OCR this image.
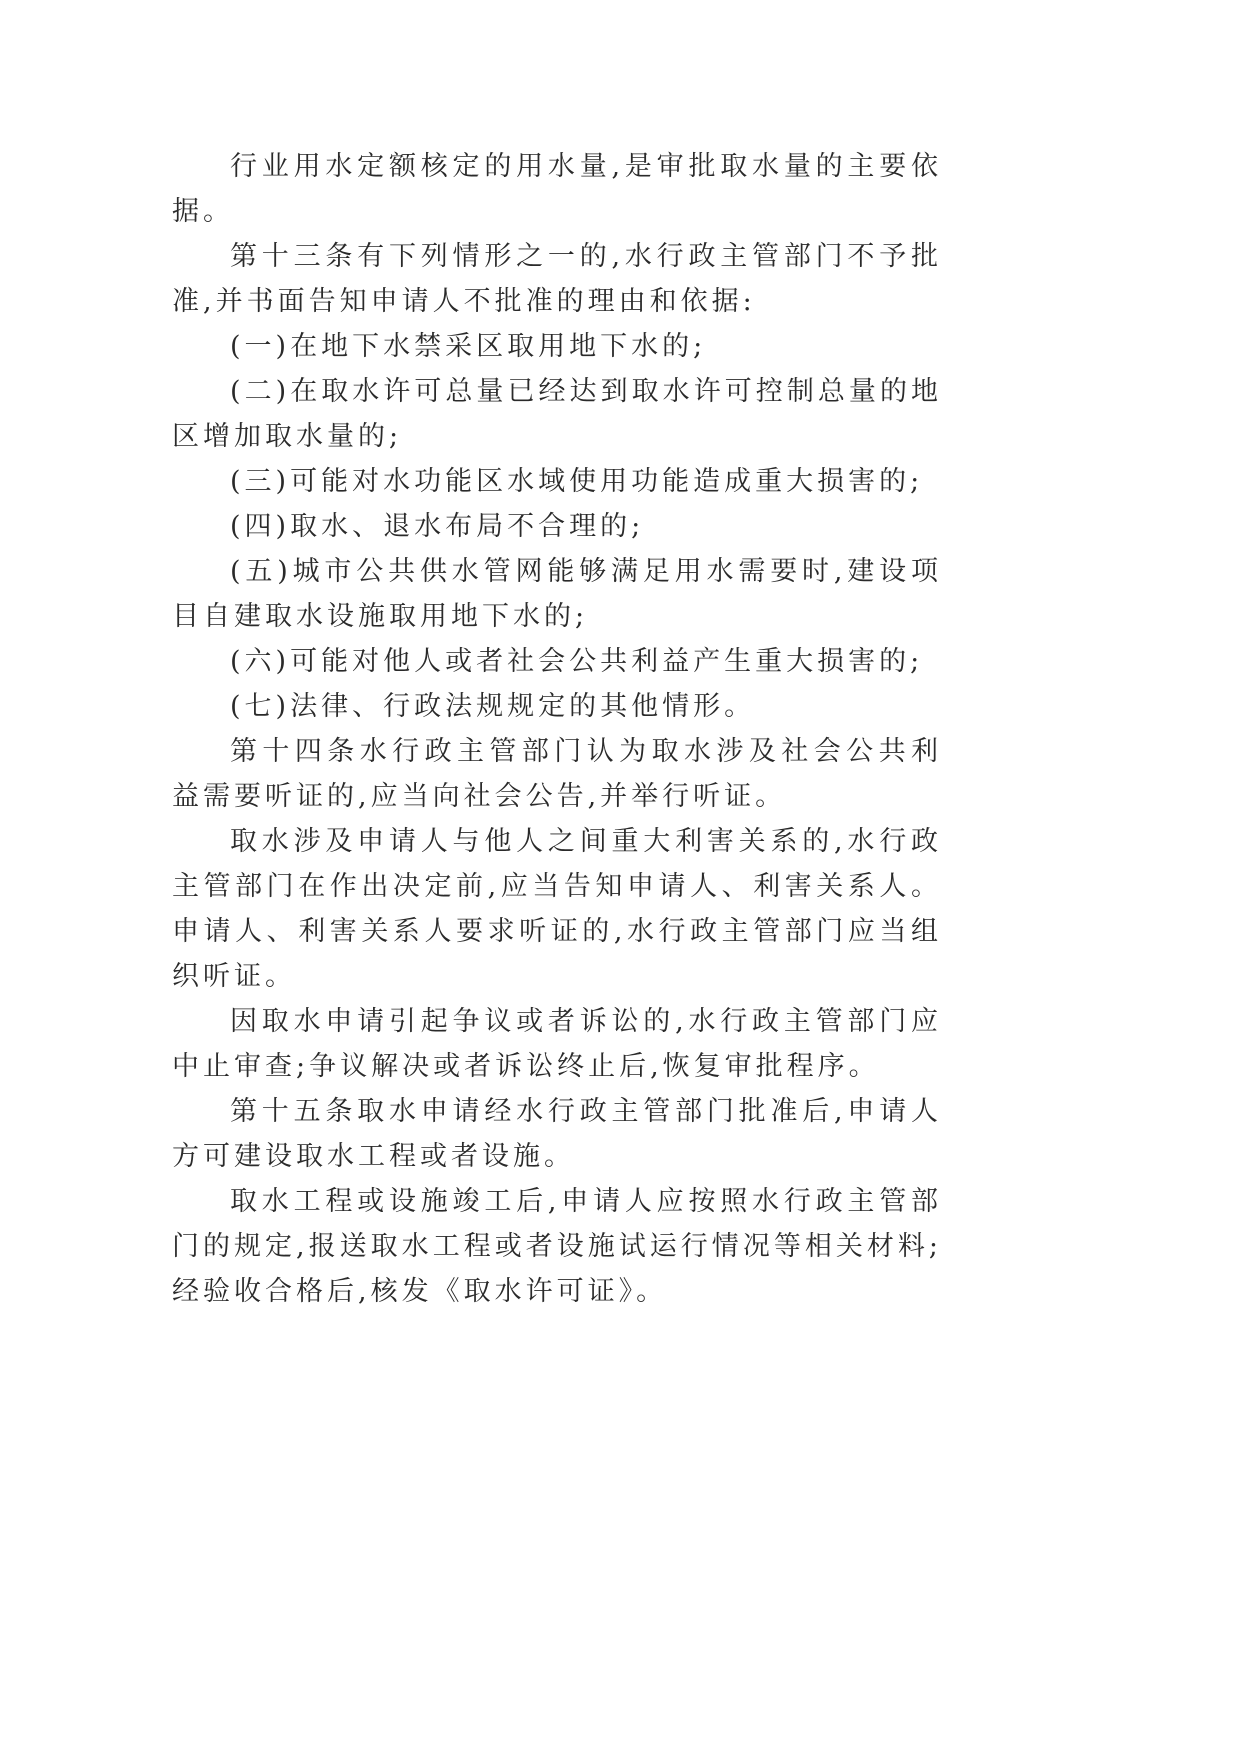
行业用水定额核定的用水量,是审批取水量的主要依据。

第十三条有下列情形之一的,水行政主管部门不予批准,并书面告知申请人不批准的理由和依据:

(一)在地下水禁采区取用地下水的;

(二)在取水许可总量已经达到取水许可控制总量的地区增加取水量的;

(三)可能对水功能区水域使用功能造成重大损害的;

(四)取水、退水布局不合理的;

(五)城市公共供水管网能够满足用水需要时,建设项目自建取水设施取用地下水的;

(六)可能对他人或者社会公共利益产生重大损害的;

(七)法律、行政法规规定的其他情形。

第十四条水行政主管部门认为取水涉及社会公共利益需要听证的,应当向社会公告,并举行听证。

取水涉及申请人与他人之间重大利害关系的,水行政主管部门在作出决定前,应当告知申请人、利害关系人。申请人、利害关系人要求听证的,水行政主管部门应当组织听证。

因取水申请引起争议或者诉讼的,水行政主管部门应中止审查;争议解决或者诉讼终止后,恢复审批程序。

第十五条取水申请经水行政主管部门批准后,申请人方可建设取水工程或者设施。

取水工程或设施竣工后,申请人应按照水行政主管部门的规定,报送取水工程或者设施试运行情况等相关材料;经验收合格后,核发《取水许可证》。
